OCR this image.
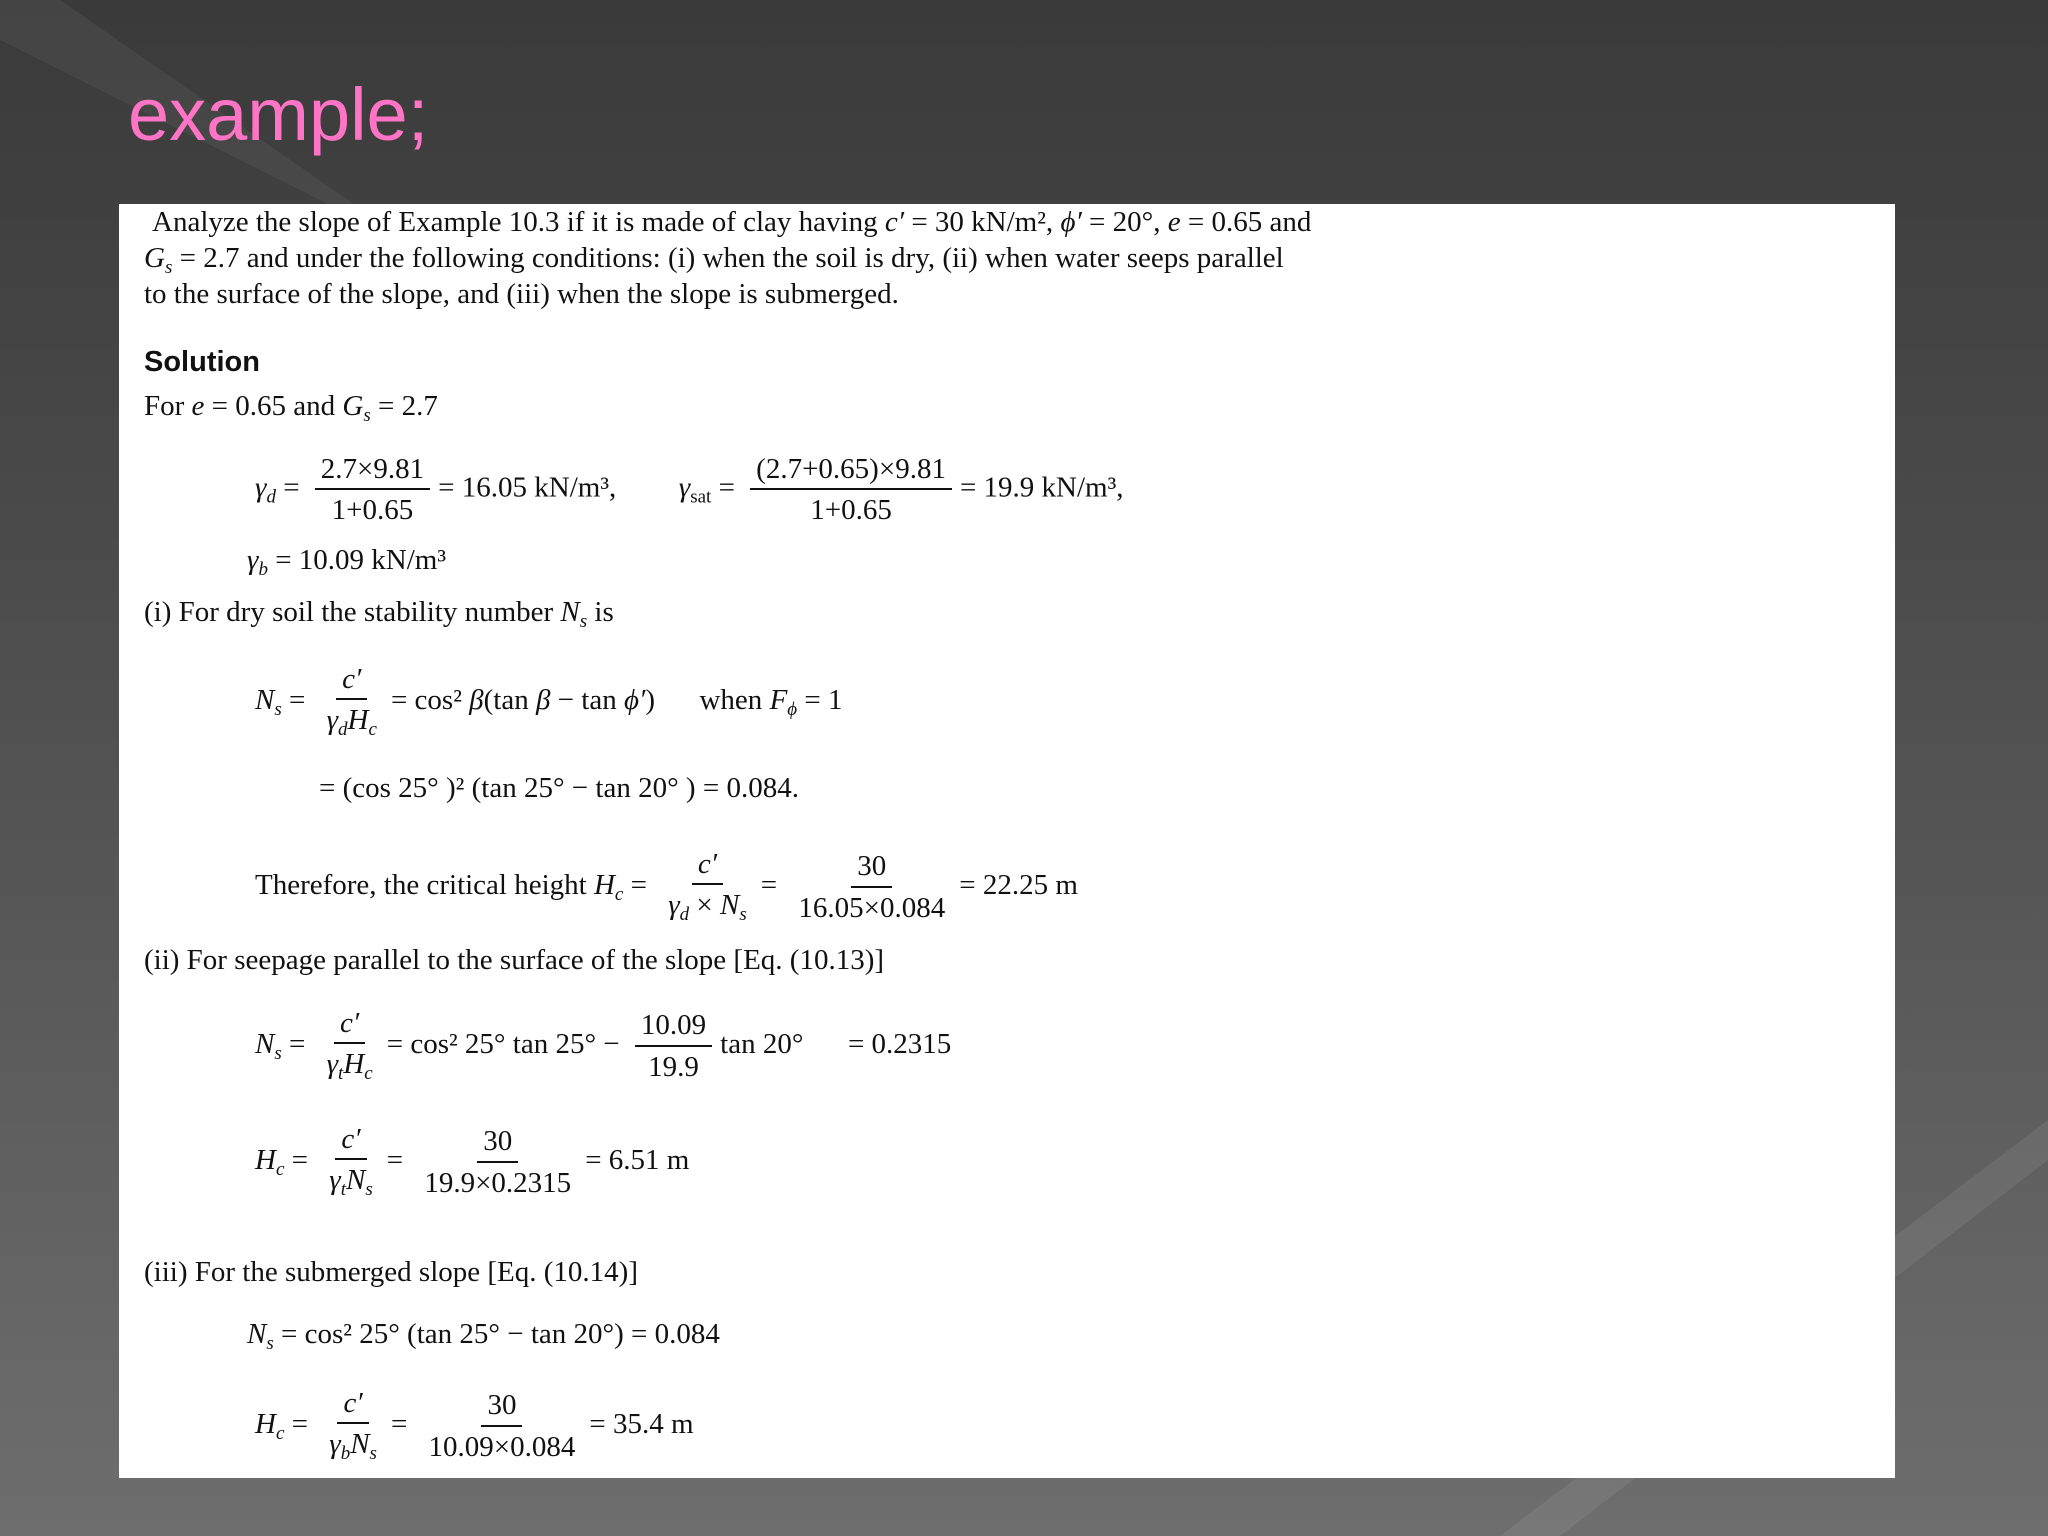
example;
Analyze the slope of Example 10.3 if it is made of clay having c′ = 30 kN/m², ϕ′ = 20°, e = 0.65 and
$G_s = 2.7$ and under the following conditions: (i) when the soil is dry, (ii) when water seeps parallel
to the surface of the slope, and (iii) when the slope is submerged.
Solution
For e = 0.65 and $G_s = 2.7$
$\gamma_d = \frac{2.7\times 9.81}{1+0.65} = 16.05$ kN/m³, $\gamma_{sat} = \frac{(2.7+0.65)\times 9.81}{1+0.65} = 19.9$ kN/m³,
$\gamma_b = 10.09$ kN/m³
(i) For dry soil the stability number $N_s$ is
$N_s = \frac{c'}{\gamma_dH_c} = \cos^2$ β(tan β − tan ϕ′) when $F_\phi = 1$
= (cos 25° )² (tan 25° − tan 20° ) = 0.084.
Therefore, the critical height $H_c = \frac{c'}{\gamma_d \times N_s} = \frac{30}{16.05\times 0.084} = 22.25$ m
(ii) For seepage parallel to the surface of the slope [Eq. (10.13)]
$N_s = \frac{c'}{\gamma_tH_c} = \cos^2$ 25° $\tan 25^\circ - \frac{10.09}{19.9}$ tan 20° = 0.2315
$H_c = \frac{c'}{\gamma_tN_s} = \frac{30}{19.9\times 0.2315} = 6.51$ m
(iii) For the submerged slope [Eq. (10.14)]
$N_s = \cos^2$ 25° (tan 25° − tan 20°) = 0.084
$H_c = \frac{c'}{\gamma_bN_s} = \frac{30}{10.09\times 0.084} = 35.4$ m
